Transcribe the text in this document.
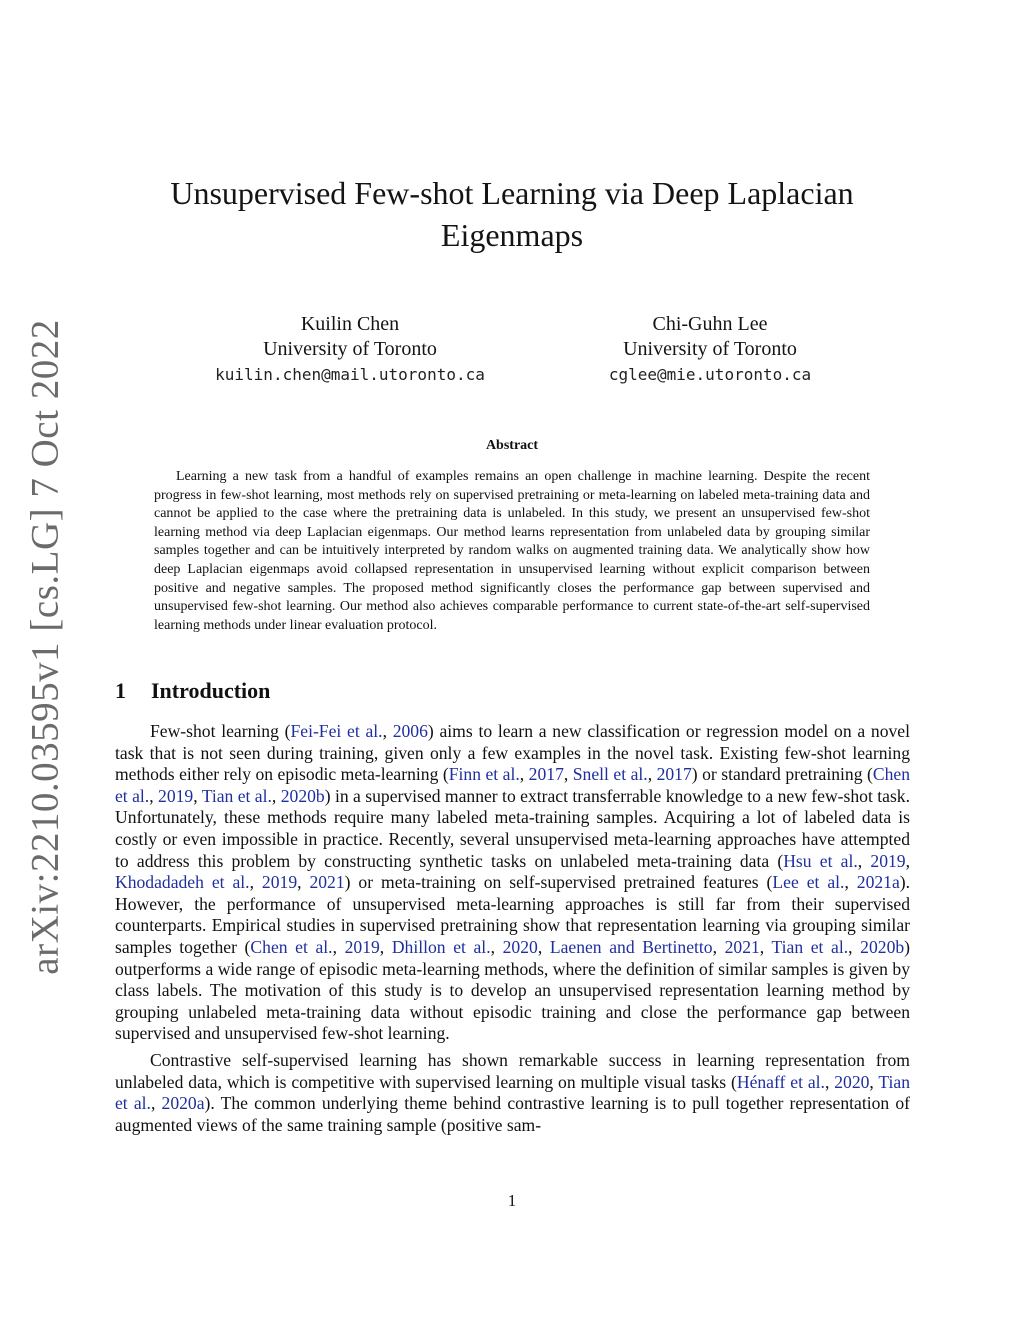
arXiv:2210.03595v1 [cs.LG] 7 Oct 2022
Unsupervised Few-shot Learning via Deep Laplacian Eigenmaps
Kuilin Chen
University of Toronto
kuilin.chen@mail.utoronto.ca
Chi-Guhn Lee
University of Toronto
cglee@mie.utoronto.ca
Abstract

Learning a new task from a handful of examples remains an open challenge in machine learning. Despite the recent progress in few-shot learning, most methods rely on supervised pretraining or meta-learning on labeled meta-training data and cannot be applied to the case where the pretraining data is unlabeled. In this study, we present an unsupervised few-shot learning method via deep Laplacian eigenmaps. Our method learns representation from unlabeled data by grouping similar samples together and can be intuitively interpreted by random walks on augmented training data. We analytically show how deep Laplacian eigenmaps avoid collapsed representation in unsupervised learning without explicit comparison between positive and negative samples. The proposed method significantly closes the performance gap between supervised and unsupervised few-shot learning. Our method also achieves comparable performance to current state-of-the-art self-supervised learning methods under linear evaluation protocol.

1 Introduction

Few-shot learning (Fei-Fei et al., 2006) aims to learn a new classification or regression model on a novel task that is not seen during training, given only a few examples in the novel task. Existing few-shot learning methods either rely on episodic meta-learning (Finn et al., 2017, Snell et al., 2017) or standard pretraining (Chen et al., 2019, Tian et al., 2020b) in a supervised manner to extract transferrable knowledge to a new few-shot task. Unfortunately, these methods require many labeled meta-training samples. Acquiring a lot of labeled data is costly or even impossible in practice. Recently, several unsupervised meta-learning approaches have attempted to address this problem by constructing synthetic tasks on unlabeled meta-training data (Hsu et al., 2019, Khodadadeh et al., 2019, 2021) or meta-training on self-supervised pretrained features (Lee et al., 2021a). However, the performance of unsupervised meta-learning approaches is still far from their supervised counterparts. Empirical studies in supervised pretraining show that representation learning via grouping similar samples together (Chen et al., 2019, Dhillon et al., 2020, Laenen and Bertinetto, 2021, Tian et al., 2020b) outperforms a wide range of episodic meta-learning methods, where the definition of similar samples is given by class labels. The motivation of this study is to develop an unsupervised representation learning method by grouping unlabeled meta-training data without episodic training and close the performance gap between supervised and unsupervised few-shot learning.

Contrastive self-supervised learning has shown remarkable success in learning representation from unlabeled data, which is competitive with supervised learning on multiple visual tasks (Hénaff et al., 2020, Tian et al., 2020a). The common underlying theme behind contrastive learning is to pull together representation of augmented views of the same training sample (positive sam-

1
